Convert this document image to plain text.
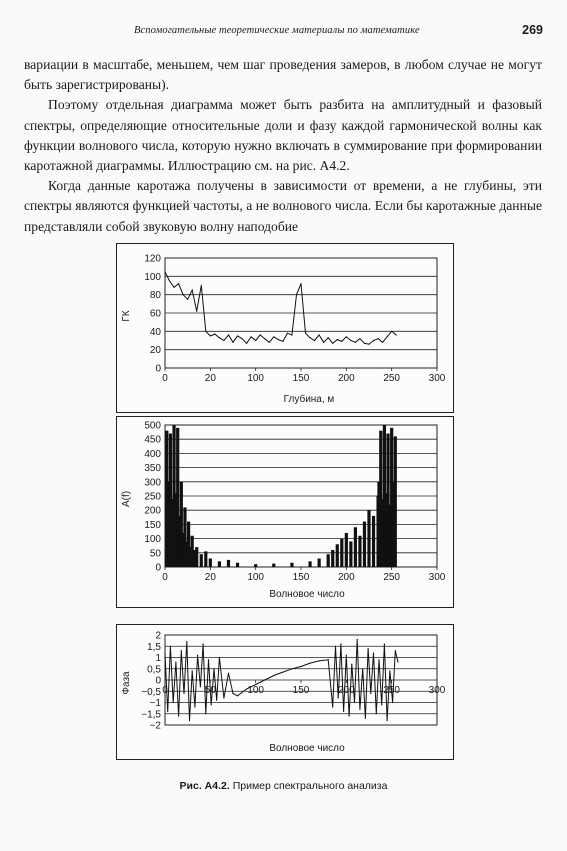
Вспомогательные теоретические материалы по математике	269

вариации в масштабе, меньшем, чем шаг проведения замеров, в любом случае не могут быть зарегистрированы).

Поэтому отдельная диаграмма может быть разбита на амплитудный и фазовый спектры, определяющие относительные доли и фазу каждой гармонической волны как функции волнового числа, которую нужно включать в суммирование при формировании каротажной диаграммы. Иллюстрацию см. на рис. А4.2.

Когда данные каротажа получены в зависимости от времени, а не глубины, эти спектры являются функцией частоты, а не волнового числа. Если бы каротажные данные представляли собой звуковую волну наподобие

ГК
Глубина, м
0
20
40
60
80
100
120
0	20	100	150	200	250	300
A(f)
Волновое число
0
50
100
150
200
250
300
350
400
450
500
0	20	100	150	200	250	300
Фаза
Волновое число
−2
−1,5
−1
−0,5
0
0,5
1
1,5
2
0	50	100	150	200	250	300
Рис. А4.2. Пример спектрального анализа
